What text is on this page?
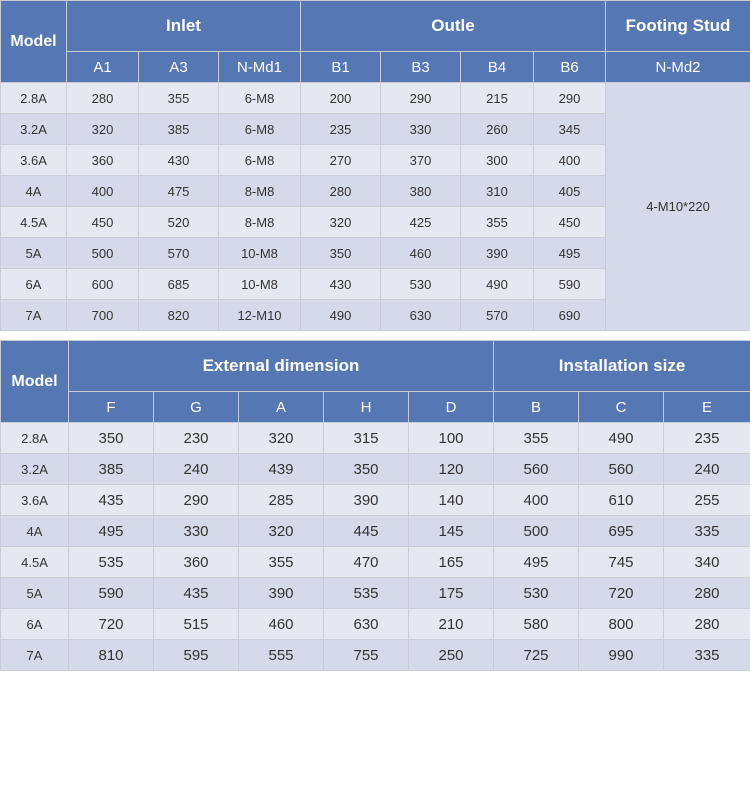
Model	Inlet			Outle				Footing Stud
	A1	A3	N-Md1	B1	B3	B4	B6	N-Md2
2.8A	280	355	6-M8	200	290	215	290	4-M10*220
3.2A	320	385	6-M8	235	330	260	345	
3.6A	360	430	6-M8	270	370	300	400	
4A	400	475	8-M8	280	380	310	405	
4.5A	450	520	8-M8	320	425	355	450	
5A	500	570	10-M8	350	460	390	495	
6A	600	685	10-M8	430	530	490	590	
7A	700	820	12-M10	490	630	570	690	
Model	External dimension					Installation size		
	F	G	A	H	D	B	C	E
2.8A	350	230	320	315	100	355	490	235
3.2A	385	240	439	350	120	560	560	240
3.6A	435	290	285	390	140	400	610	255
4A	495	330	320	445	145	500	695	335
4.5A	535	360	355	470	165	495	745	340
5A	590	435	390	535	175	530	720	280
6A	720	515	460	630	210	580	800	280
7A	810	595	555	755	250	725	990	335
